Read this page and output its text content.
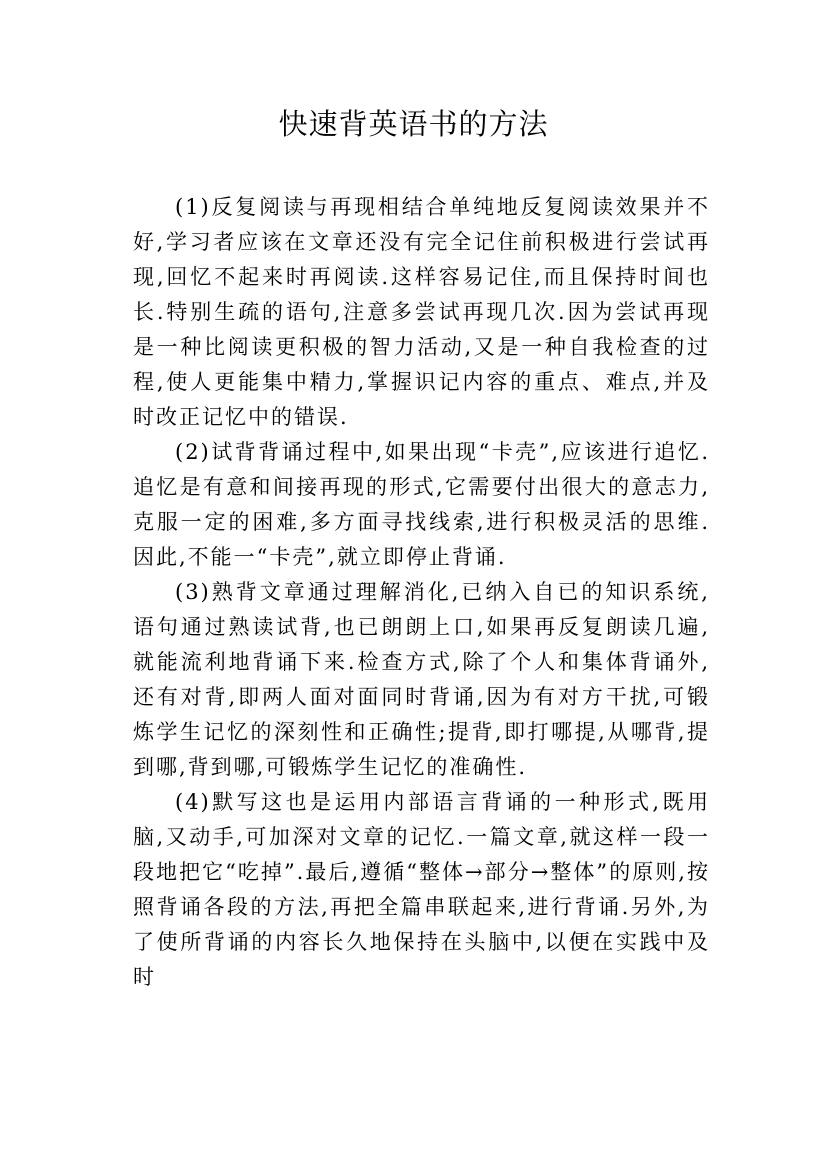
快速背英语书的方法

(1)反复阅读与再现相结合单纯地反复阅读效果并不好,学习者应该在文章还没有完全记住前积极进行尝试再现,回忆不起来时再阅读.这样容易记住,而且保持时间也长.特别生疏的语句,注意多尝试再现几次.因为尝试再现是一种比阅读更积极的智力活动,又是一种自我检查的过程,使人更能集中精力,掌握识记内容的重点、难点,并及时改正记忆中的错误.

(2)试背背诵过程中,如果出现“卡壳”,应该进行追忆.追忆是有意和间接再现的形式,它需要付出很大的意志力,克服一定的困难,多方面寻找线索,进行积极灵活的思维.因此,不能一“卡壳”,就立即停止背诵.

(3)熟背文章通过理解消化,已纳入自已的知识系统,语句通过熟读试背,也已朗朗上口,如果再反复朗读几遍,就能流利地背诵下来.检查方式,除了个人和集体背诵外,还有对背,即两人面对面同时背诵,因为有对方干扰,可锻炼学生记忆的深刻性和正确性;提背,即打哪提,从哪背,提到哪,背到哪,可锻炼学生记忆的准确性.

(4)默写这也是运用内部语言背诵的一种形式,既用脑,又动手,可加深对文章的记忆.一篇文章,就这样一段一段地把它“吃掉”.最后,遵循“整体→部分→整体”的原则,按照背诵各段的方法,再把全篇串联起来,进行背诵.另外,为了使所背诵的内容长久地保持在头脑中,以便在实践中及时
